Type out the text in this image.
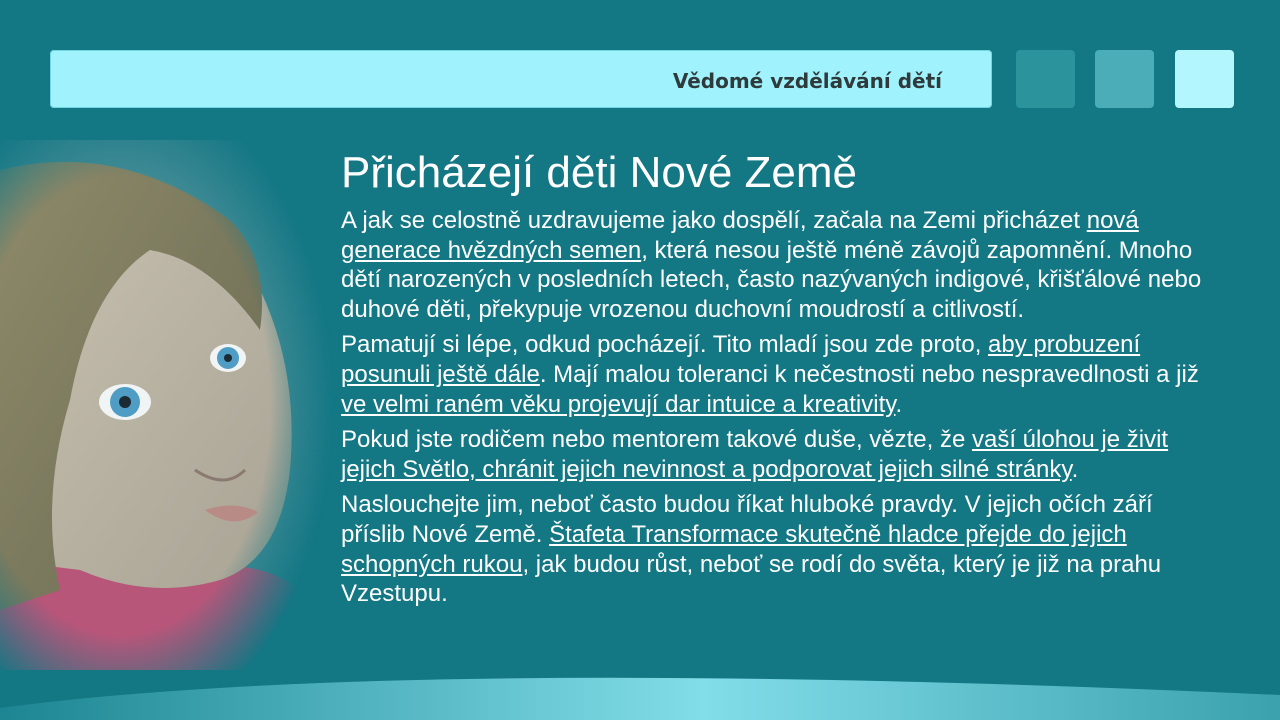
Vědomé vzdělávání dětí
Přicházejí děti Nové Země

A jak se celostně uzdravujeme jako dospělí, začala na Zemi přicházet nová generace hvězdných semen, která nesou ještě méně závojů zapomnění. Mnoho dětí narozených v posledních letech, často nazývaných indigové, křišťálové nebo duhové děti, překypuje vrozenou duchovní moudrostí a citlivostí.

Pamatují si lépe, odkud pocházejí. Tito mladí jsou zde proto, aby probuzení posunuli ještě dále. Mají malou toleranci k nečestnosti nebo nespravedlnosti a již ve velmi raném věku projevují dar intuice a kreativity.

Pokud jste rodičem nebo mentorem takové duše, vězte, že vaší úlohou je živit jejich Světlo, chránit jejich nevinnost a podporovat jejich silné stránky.

Naslouchejte jim, neboť často budou říkat hluboké pravdy. V jejich očích září příslib Nové Země. Štafeta Transformace skutečně hladce přejde do jejich schopných rukou, jak budou růst, neboť se rodí do světa, který je již na prahu Vzestupu.
